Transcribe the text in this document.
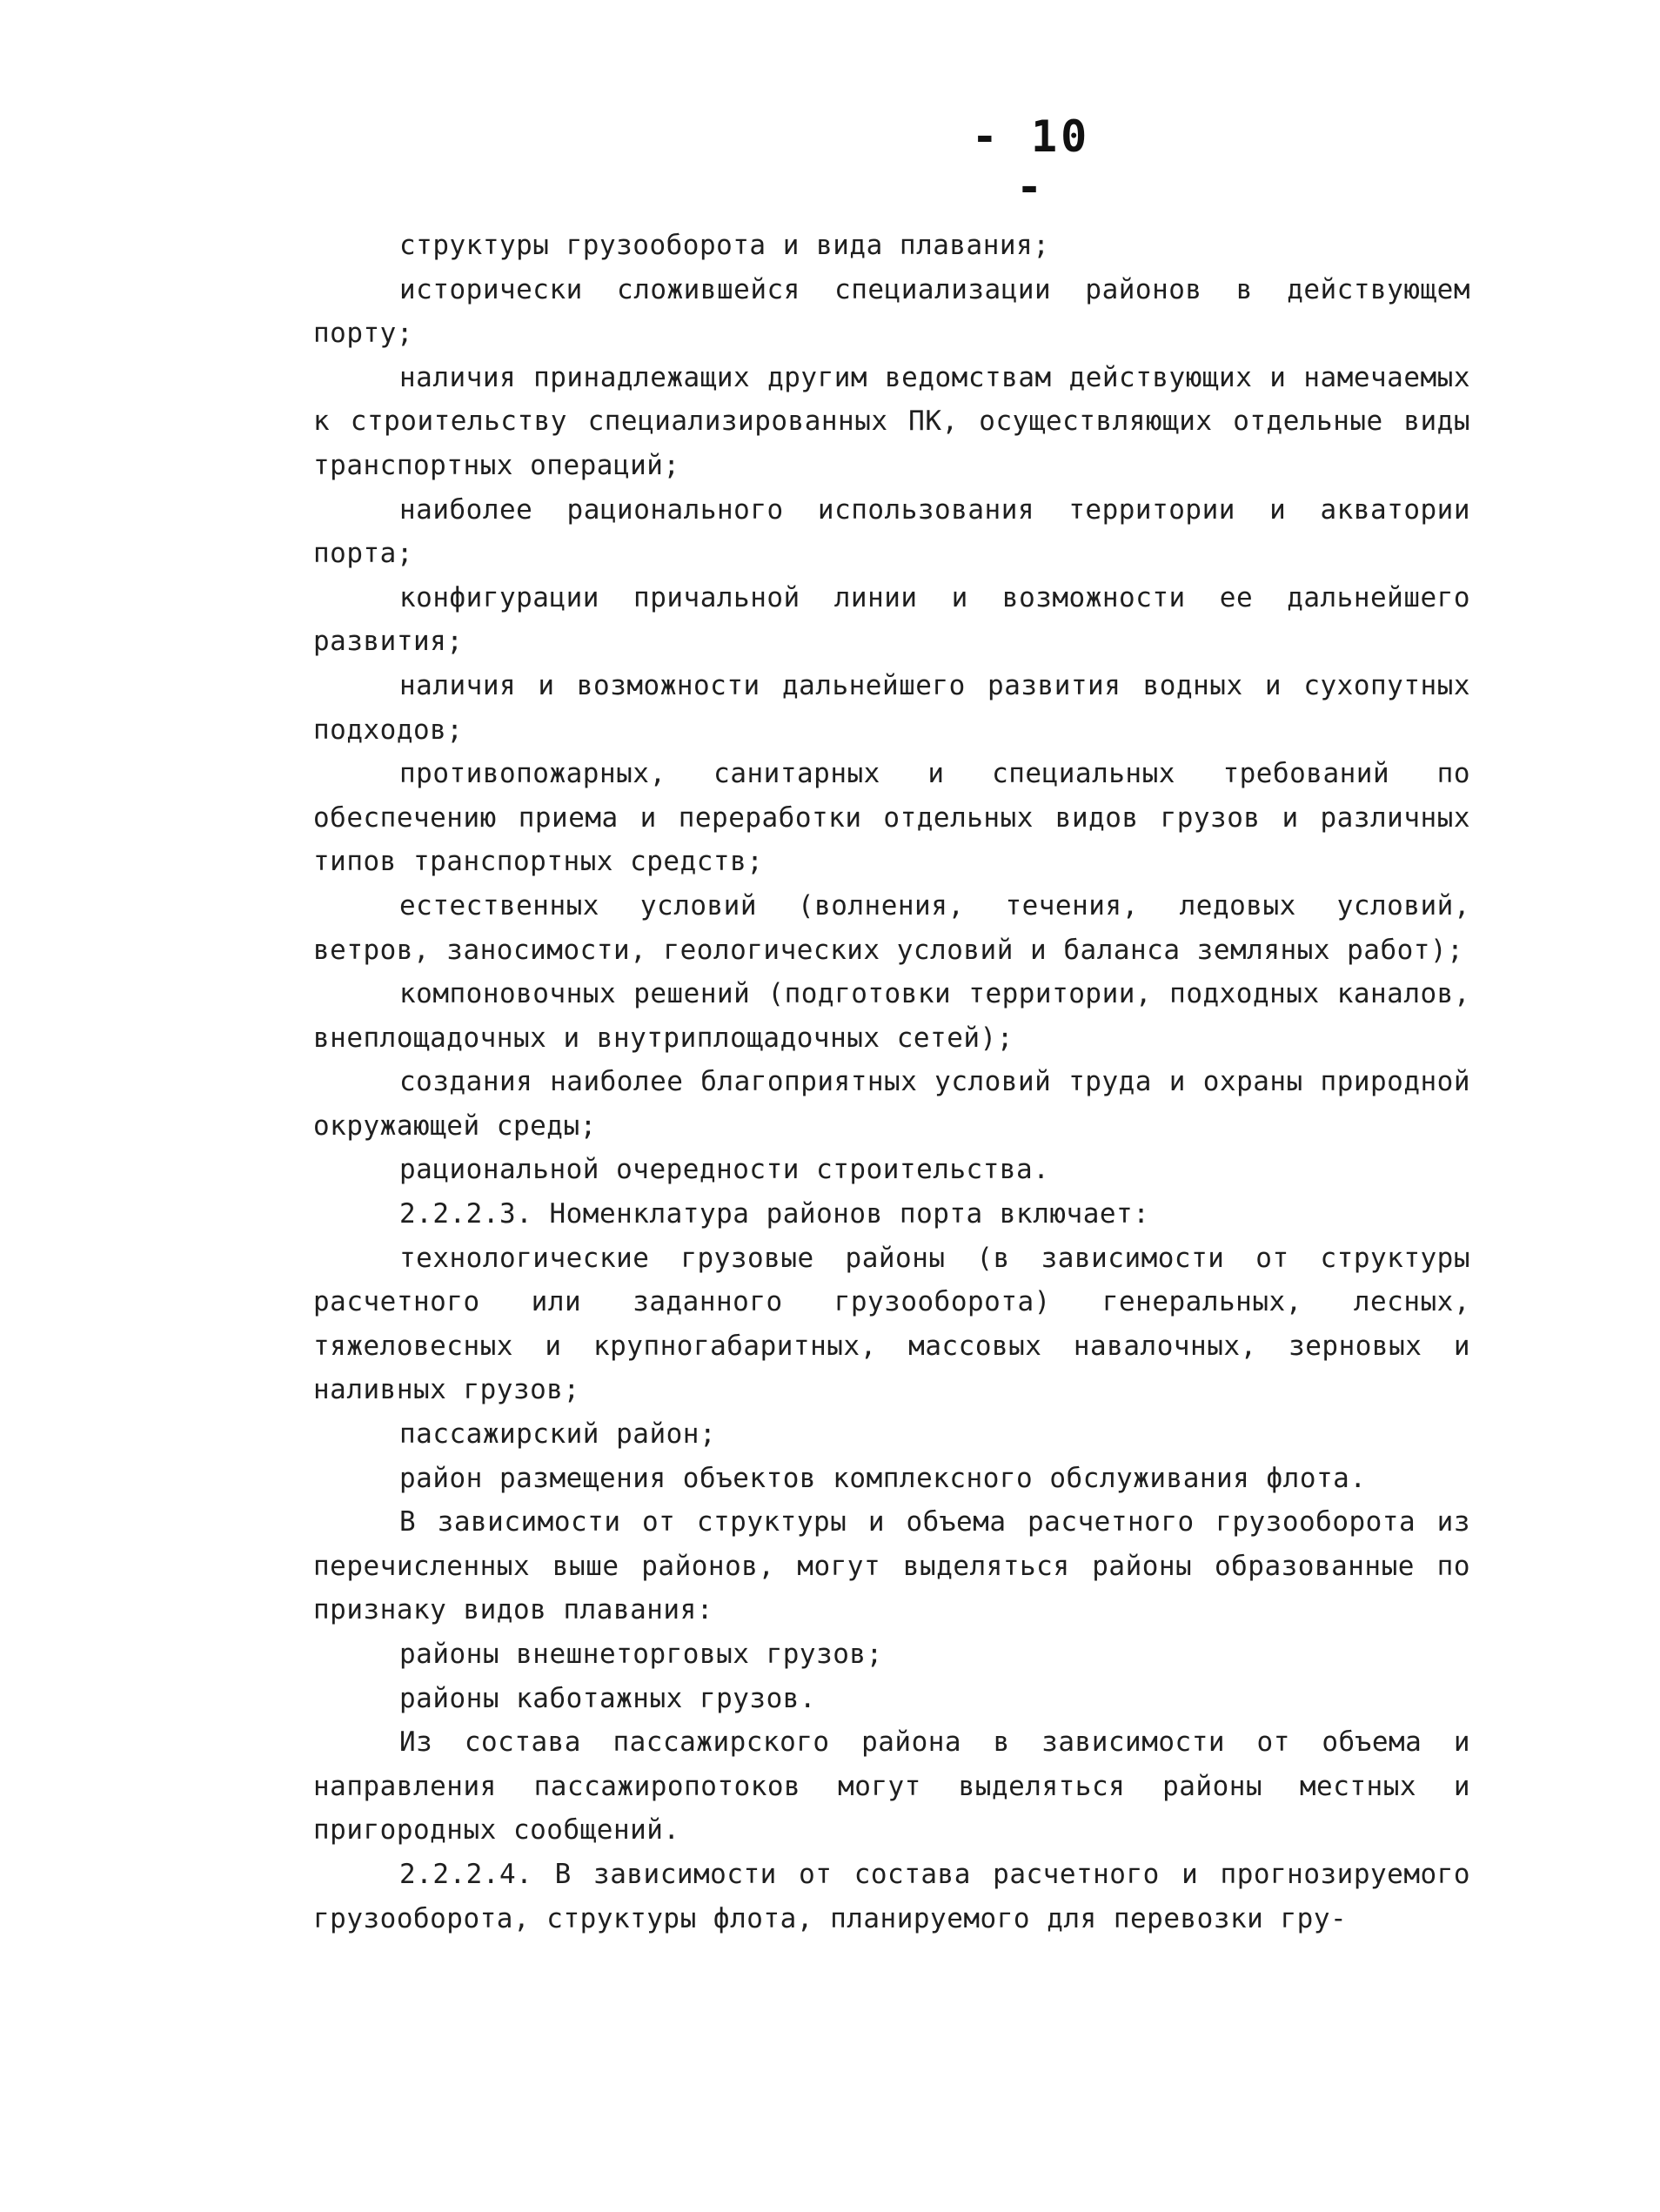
- 10 -

структуры грузооборота и вида плавания;

исторически сложившейся специализации районов в действующем порту;

наличия принадлежащих другим ведомствам действующих и намечаемых к строительству специализированных ПК, осуществляющих отдельные виды транспортных операций;

наиболее рационального использования территории и акватории порта;

конфигурации причальной линии и возможности ее дальнейшего развития;

наличия и возможности дальнейшего развития водных и сухопутных подходов;

противопожарных, санитарных и специальных требований по обеспечению приема и переработки отдельных видов грузов и различных типов транспортных средств;

естественных условий (волнения, течения, ледовых условий, ветров, заносимости, геологических условий и баланса земляных работ);

компоновочных решений (подготовки территории, подходных каналов, внеплощадочных и внутриплощадочных сетей);

создания наиболее благоприятных условий труда и охраны природной окружающей среды;

рациональной очередности строительства.

2.2.2.3. Номенклатура районов порта включает:

технологические грузовые районы (в зависимости от структуры расчетного или заданного грузооборота) генеральных, лесных, тяжеловесных и крупногабаритных, массовых навалочных, зерновых и наливных грузов;

пассажирский район;

район размещения объектов комплексного обслуживания флота.

В зависимости от структуры и объема расчетного грузооборота из перечисленных выше районов, могут выделяться районы образованные по признаку видов плавания:

районы внешнеторговых грузов;

районы каботажных грузов.

Из состава пассажирского района в зависимости от объема и направления пассажиропотоков могут выделяться районы местных и пригородных сообщений.

2.2.2.4. В зависимости от состава расчетного и прогнозируемого грузооборота, структуры флота, планируемого для перевозки гру-
